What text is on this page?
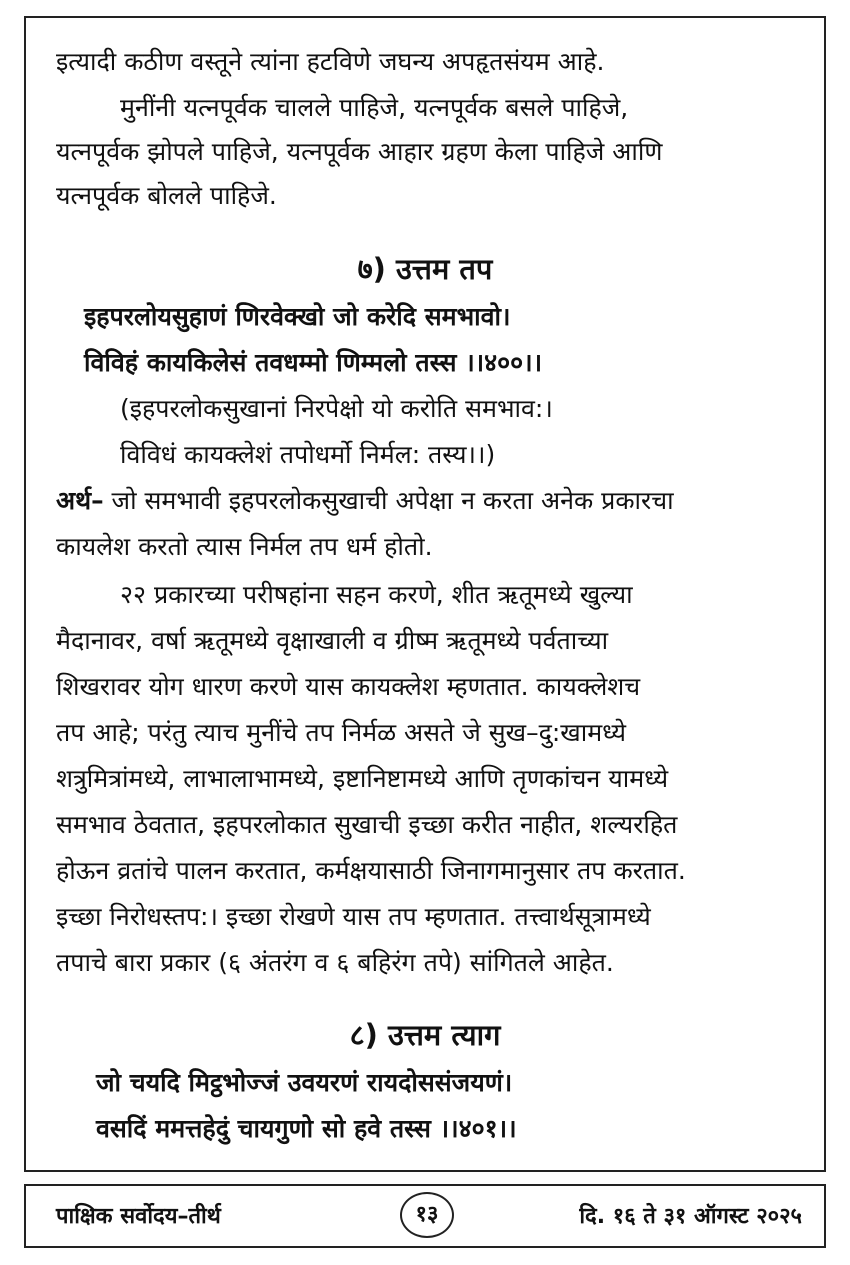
इत्यादी कठीण वस्तूने त्यांना हटविणे जघन्य अपहृतसंयम आहे.
मुनींनी यत्नपूर्वक चालले पाहिजे, यत्नपूर्वक बसले पाहिजे,
यत्नपूर्वक झोपले पाहिजे, यत्नपूर्वक आहार ग्रहण केला पाहिजे आणि
यत्नपूर्वक बोलले पाहिजे.
७) उत्तम तप
इहपरलोयसुहाणं णिरवेक्खो जो करेदि समभावो।
विविहं कायकिलेसं तवधम्मो णिम्मलो तस्स ।।४००।।
(इहपरलोकसुखानां निरपेक्षो यो करोति समभाव:।
विविधं कायक्लेशं तपोधर्मो निर्मल: तस्य।।)
अर्थ– जो समभावी इहपरलोकसुखाची अपेक्षा न करता अनेक प्रकारचा
कायलेश करतो त्यास निर्मल तप धर्म होतो.
२२ प्रकारच्या परीषहांना सहन करणे, शीत ऋतूमध्ये खुल्या
मैदानावर, वर्षा ऋतूमध्ये वृक्षाखाली व ग्रीष्म ऋतूमध्ये पर्वताच्या
शिखरावर योग धारण करणे यास कायक्लेश म्हणतात. कायक्लेशच
तप आहे; परंतु त्याच मुनींचे तप निर्मळ असते जे सुख–दु:खामध्ये
शत्रुमित्रांमध्ये, लाभालाभामध्ये, इष्टानिष्टामध्ये आणि तृणकांचन यामध्ये
समभाव ठेवतात, इहपरलोकात सुखाची इच्छा करीत नाहीत, शल्यरहित
होऊन व्रतांचे पालन करतात, कर्मक्षयासाठी जिनागमानुसार तप करतात.
इच्छा निरोधस्तप:। इच्छा रोखणे यास तप म्हणतात. तत्त्वार्थसूत्रामध्ये
तपाचे बारा प्रकार (६ अंतरंग व ६ बहिरंग तपे) सांगितले आहेत.
८) उत्तम त्याग
जो चयदि मिट्ठभोज्जं उवयरणं रायदोससंजयणं।
वसदिं ममत्तहेदुं चायगुणो सो हवे तस्स ।।४०१।।
पाक्षिक सर्वोदय–तीर्थ	१३	दि. १६ ते ३१ ऑगस्ट २०२५
